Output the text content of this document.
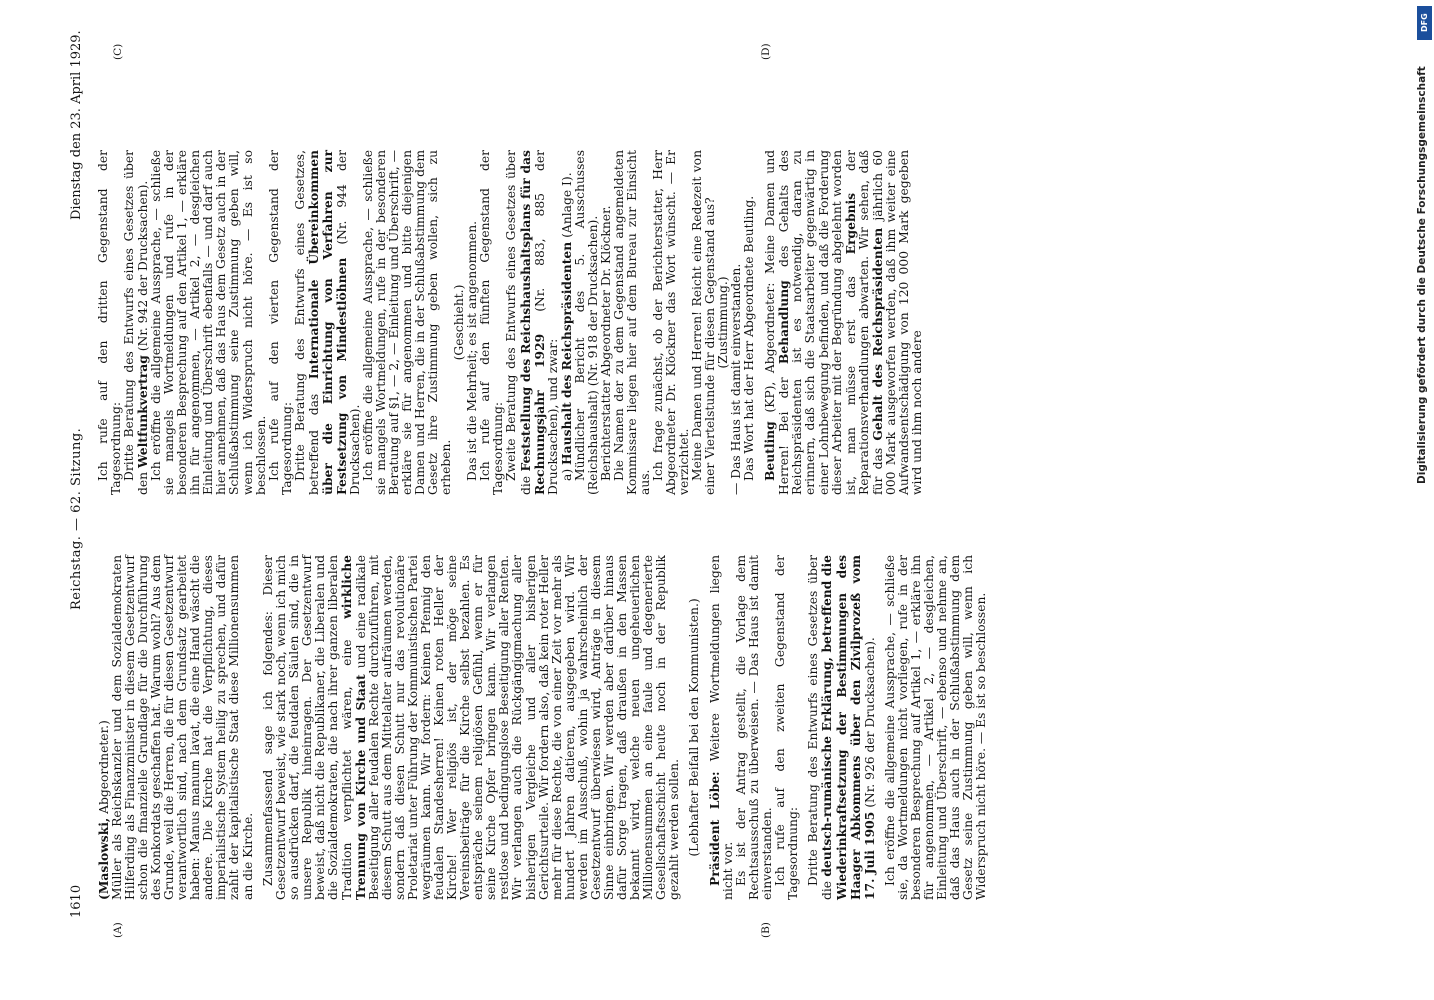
1610
Reichstag. — 62. Sitzung.
Dienstag den 23. April 1929.
(A)	(B)
(C)	(D)

(Maslowski, Abgeordneter.)
Müller als Reichskanzler und dem Sozialdemokraten Hilferding als Finanzminister in diesem Gesetzentwurf schon die finanzielle Grundlage für die Durchführung des Konkordats geschaffen hat. Warum wohl? Aus dem Grunde, weil die Herren, die für diesen Gesetzentwurf verantwortlich sind, nach dem Grundsatz gearbeitet haben: Manus manum lavat, die eine Hand wäscht die andere. Die Kirche hat die Verpflichtung, dieses imperialistische System heilig zu sprechen, und dafür zahlt der kapitalistische Staat diese Millionensummen an die Kirche. Zusammenfassend sage ich folgendes: Dieser Gesetzentwurf beweist, wie stark noch, wenn ich mich so ausdrücken darf, die feudalen Säulen sind, die in unsere Republik hineinragen. Der Gesetzentwurf beweist, daß nicht die Republikaner, die Liberalen und die Sozialdemokraten, die nach ihrer ganzen liberalen Tradition verpflichtet wären, eine wirkliche Trennung von Kirche und Staat und eine radikale Beseitigung aller feudalen Rechte durchzuführen, mit diesem Schutt aus dem Mittelalter aufräumen werden, sondern daß diesen Schutt nur das revolutionäre Proletariat unter Führung der Kommunistischen Partei wegräumen kann. Wir fordern: Keinen Pfennig den feudalen Standesherren! Keinen roten Heller der Kirche! Wer religiös ist, der möge seine Vereinsbeiträge für die Kirche selbst bezahlen. Es entspräche seinem religiösen Gefühl, wenn er für seine Kirche Opfer bringen kann. Wir verlangen restlose und bedingungslose Beseitigung aller Renten. Wir verlangen auch die Rückgängigmachung aller bisherigen Vergleiche und aller bisherigen Gerichtsurteile. Wir fordern also, daß kein roter Heller mehr für diese Rechte, die von einer Zeit vor mehr als hundert Jahren datieren, ausgegeben wird. Wir werden im Ausschuß, wohin ja wahrscheinlich der Gesetzentwurf überwiesen wird, Anträge in diesem Sinne einbringen. Wir werden aber darüber hinaus dafür Sorge tragen, daß draußen in den Massen bekannt wird, welche neuen ungeheuerlichen Millionensummen an eine faule und degenerierte Gesellschaftsschicht heute noch in der Republik gezahlt werden sollen. (Lebhafter Beifall bei den Kommunisten.) Präsident Löbe: Weitere Wortmeldungen liegen nicht vor. Es ist der Antrag gestellt, die Vorlage dem Rechtsausschuß zu überweisen. — Das Haus ist damit einverstanden. Ich rufe auf den zweiten Gegenstand der Tagesordnung: Dritte Beratung des Entwurfs eines Gesetzes über die deutsch-rumänische Erklärung, betreffend die Wiederinkraftsetzung der Bestimmungen des Haager Abkommens über den Zivilprozeß vom 17. Juli 1905 (Nr. 926 der Drucksachen). Ich eröffne die allgemeine Aussprache, — schließe sie, da Wortmeldungen nicht vorliegen, rufe in der besonderen Besprechung auf Artikel 1, — erkläre ihn für angenommen, — Artikel 2, — desgleichen, Einleitung und Überschrift, — ebenso und nehme an, daß das Haus auch in der Schlußabstimmung dem Gesetz seine Zustimmung geben will, wenn ich Widerspruch nicht höre. — Es ist so beschlossen.

Ich rufe auf den dritten Gegenstand der Tagesordnung: Dritte Beratung des Entwurfs eines Gesetzes über den Weltfunkvertrag (Nr. 942 der Drucksachen). Ich eröffne die allgemeine Aussprache, — schließe sie mangels Wortmeldungen und rufe in der besonderen Besprechung auf den Artikel 1, — erkläre ihn für angenommen, — Artikel 2, — desgleichen Einleitung und Überschrift ebenfalls — und darf auch hier annehmen, daß das Haus dem Gesetz auch in der Schlußabstimmung seine Zustimmung geben will, wenn ich Widerspruch nicht höre. — Es ist so beschlossen. Ich rufe auf den vierten Gegenstand der Tagesordnung: Dritte Beratung des Entwurfs eines Gesetzes, betreffend das Internationale Übereinkommen über die Einrichtung von Verfahren zur Festsetzung von Mindestlöhnen (Nr. 944 der Drucksachen). Ich eröffne die allgemeine Aussprache, — schließe sie mangels Wortmeldungen, rufe in der besonderen Beratung auf §1, — 2, — Einleitung und Überschrift, — erkläre sie für angenommen und bitte diejenigen Damen und Herren, die in der Schlußabstimmung dem Gesetz ihre Zustimmung geben wollen, sich zu erheben.

(Geschieht.) Das ist die Mehrheit; es ist angenommen. Ich rufe auf den fünften Gegenstand der Tagesordnung: Zweite Beratung des Entwurfs eines Gesetzes über die Feststellung des Reichshaushaltsplans für das Rechnungsjahr 1929 (Nr. 883, 885 der Drucksachen), und zwar: a) Haushalt des Reichspräsidenten (Anlage I). Mündlicher Bericht des 5. Ausschusses (Reichshaushalt) (Nr. 918 der Drucksachen). Berichterstatter Abgeordneter Dr. Klöckner. Die Namen der zu dem Gegenstand angemeldeten Kommissare liegen hier auf dem Bureau zur Einsicht aus.

Ich frage zunächst, ob der Berichterstatter, Herr Abgeordneter Dr. Klöckner das Wort wünscht. — Er verzichtet. Meine Damen und Herren! Reicht eine Redezeit von einer Viertelstunde für diesen Gegenstand aus? (Zustimmung.) — Das Haus ist damit einverstanden. Das Wort hat der Herr Abgeordnete Beutling. Beutling (KP), Abgeordneter: Meine Damen und Herren! Bei der Behandlung des Gehalts des Reichspräsidenten ist es notwendig, daran zu erinnern, daß sich die Staatsarbeiter gegenwärtig in einer Lohnbewegung befinden, und daß die Forderung dieser Arbeiter mit der Begründung abgelehnt worden ist, man müsse erst das Ergebnis der Reparationsverhandlungen abwarten. Wir sehen, daß für das Gehalt des Reichspräsidenten jährlich 60 000 Mark ausgeworfen werden, daß ihm weiter eine Aufwandsentschädigung von 120 000 Mark gegeben wird und ihm noch andere

DFG
Digitalisierung gefördert durch die Deutsche Forschungsgemeinschaft
